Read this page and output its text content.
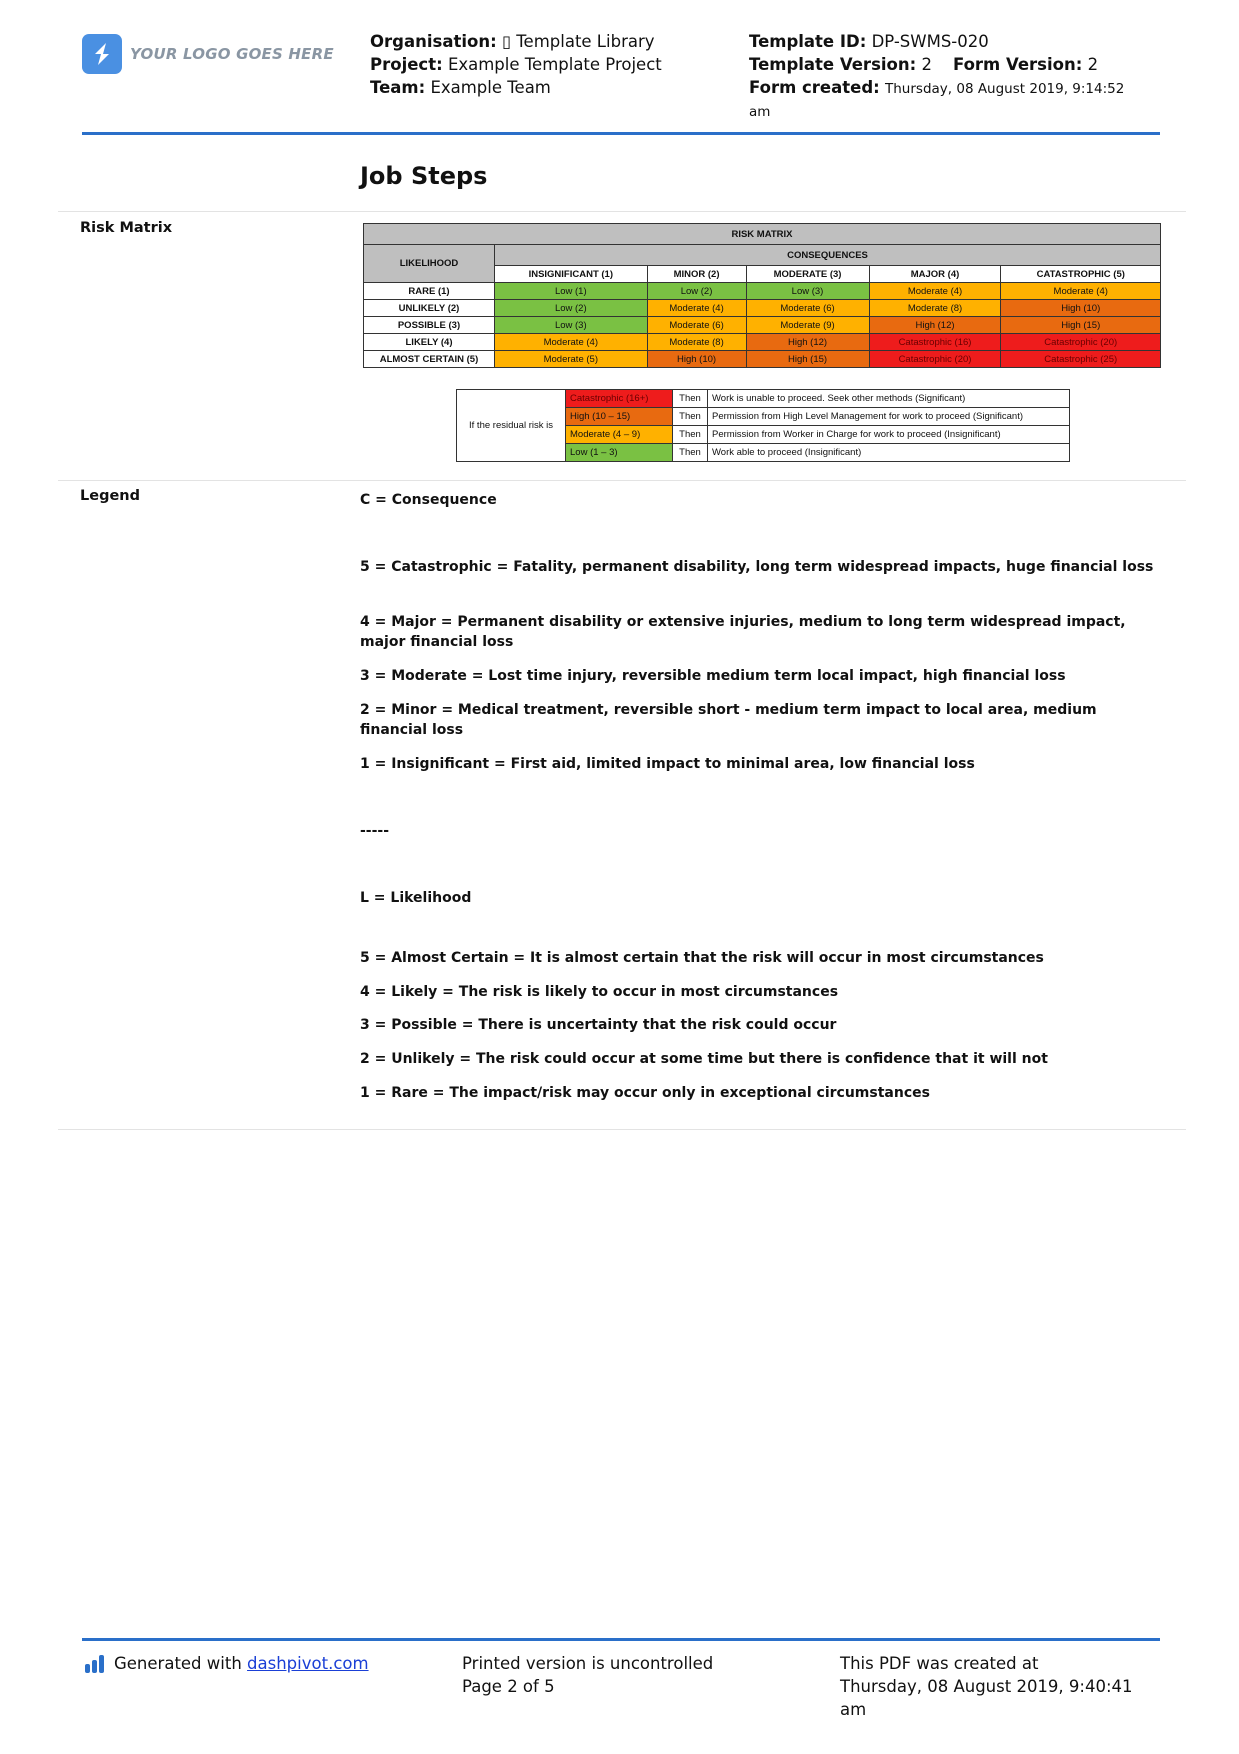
YOUR LOGO GOES HERE
Organisation: ▯ Template Library
Project: Example Template Project
Team: Example Team
Template ID: DP-SWMS-020
Template Version: 2 Form Version: 2
Form created: Thursday, 08 August 2019, 9:14:52
am
Job Steps
Risk Matrix	RISK MATRIX					
LIKELIHOOD	CONSEQUENCES				
	INSIGNIFICANT (1)	MINOR (2)	MODERATE (3)	MAJOR (4)	CATASTROPHIC (5)
RARE (1)	Low (1)	Low (2)	Low (3)	Moderate (4)	Moderate (4)
UNLIKELY (2)	Low (2)	Moderate (4)	Moderate (6)	Moderate (8)	High (10)
POSSIBLE (3)	Low (3)	Moderate (6)	Moderate (9)	High (12)	High (15)
LIKELY (4)	Moderate (4)	Moderate (8)	High (12)	Catastrophic (16)	Catastrophic (20)
ALMOST CERTAIN (5)	Moderate (5)	High (10)	High (15)	Catastrophic (20)	Catastrophic (25)
If the residual risk is	Catastrophic (16+)	Then	Work is unable to proceed. Seek other methods (Significant)
	High (10 – 15)	Then	Permission from High Level Management for work to proceed (Significant)
	Moderate (4 – 9)	Then	Permission from Worker in Charge for work to proceed (Insignificant)
	Low (1 – 3)	Then	Work able to proceed (Insignificant)
Legend	C = Consequence

5 = Catastrophic = Fatality, permanent disability, long term widespread impacts, huge financial loss

4 = Major = Permanent disability or extensive injuries, medium to long term widespread impact, major financial loss

3 = Moderate = Lost time injury, reversible medium term local impact, high financial loss

2 = Minor = Medical treatment, reversible short - medium term impact to local area, medium financial loss

1 = Insignificant = First aid, limited impact to minimal area, low financial loss

-----

L = Likelihood

5 = Almost Certain = It is almost certain that the risk will occur in most circumstances

4 = Likely = The risk is likely to occur in most circumstances

3 = Possible = There is uncertainty that the risk could occur

2 = Unlikely = The risk could occur at some time but there is confidence that it will not

1 = Rare = The impact/risk may occur only in exceptional circumstances

Generated with
dashpivot.com	Printed version is uncontrolled
Page 2 of 5
This PDF was created at
Thursday, 08 August 2019, 9:40:41
am
